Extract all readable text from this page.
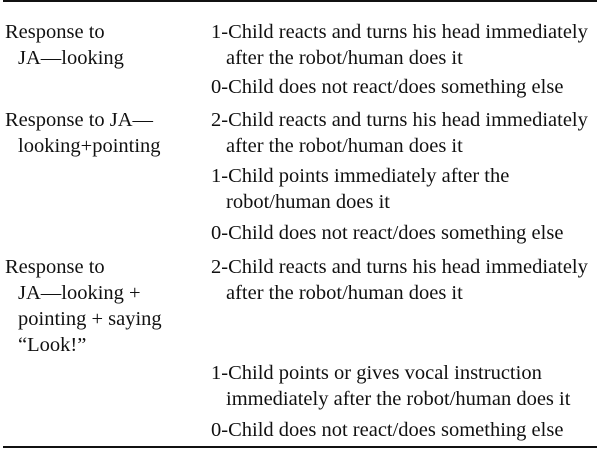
Response to
JA—looking
1-Child reacts and turns his head immediately
after the robot/human does it
0-Child does not react/does something else
Response to JA—
looking+pointing
2-Child reacts and turns his head immediately
after the robot/human does it
1-Child points immediately after the
robot/human does it
0-Child does not react/does something else
Response to
JA—looking +
pointing + saying
“Look!”
2-Child reacts and turns his head immediately
after the robot/human does it
1-Child points or gives vocal instruction
immediately after the robot/human does it
0-Child does not react/does something else
